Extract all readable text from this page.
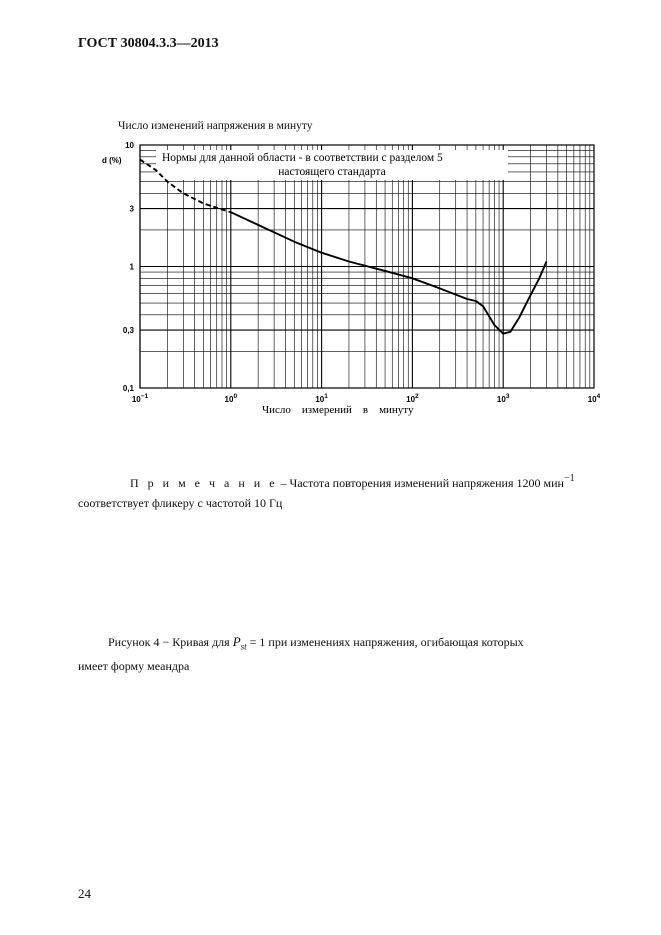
ГОСТ 30804.3.3—2013
Число изменений напряжения в минуту
Нормы для данной области - в соответствии с разделом 5
настоящего стандарта
$10^{-1}$	$10^0$	$10^1$	$10^2$	$10^3$	$10^4$
10
3
1
0,3
0,1
d (%)
Число    измерений    в    минуту
П р и м е ч а н и е – Частота повторения изменений напряжения 1200 мин$^{-1}$
соответствует фликеру с частотой 10 Гц
Рисунок 4 − Кривая для $P_{st} = 1$ при изменениях напряжения, огибающая которых
имеет форму меандра
24
